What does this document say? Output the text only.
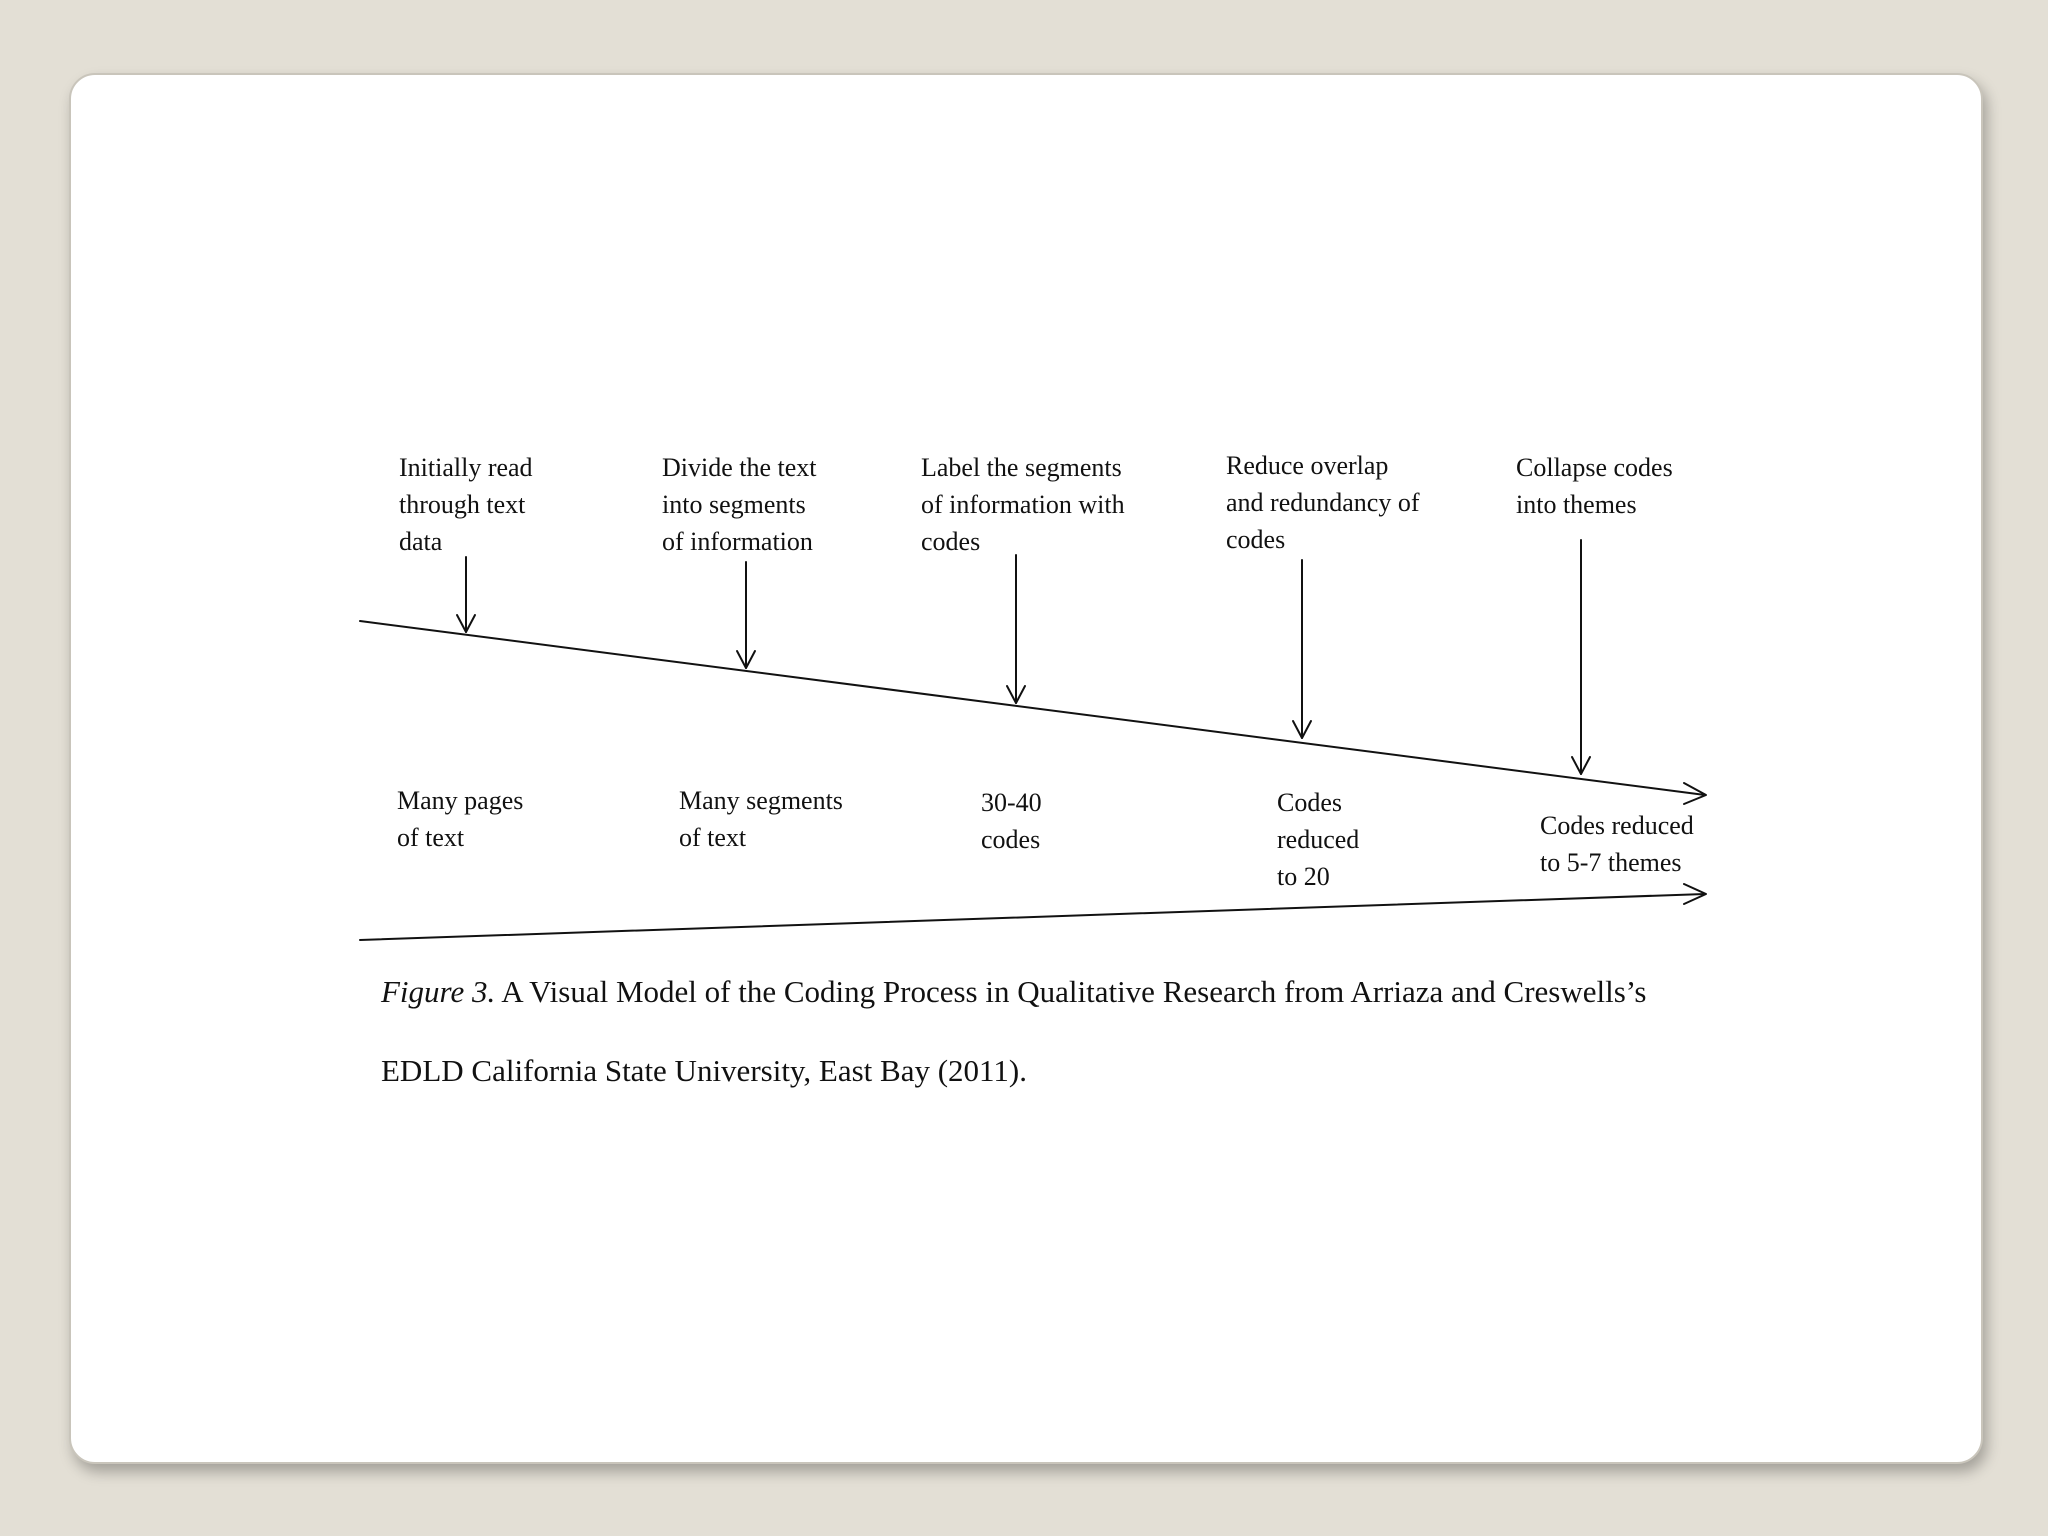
Initially read
through text
data
Divide the text
into segments
of information
Label the segments
of information with
codes
Reduce overlap
and redundancy of
codes
Collapse codes
into themes
Many pages
of text
Many segments
of text
30-40
codes
Codes
reduced
to 20
Codes reduced
to 5-7 themes
Figure 3. A Visual Model of the Coding Process in Qualitative Research from Arriaza and Creswells’s EDLD California State University, East Bay (2011).
